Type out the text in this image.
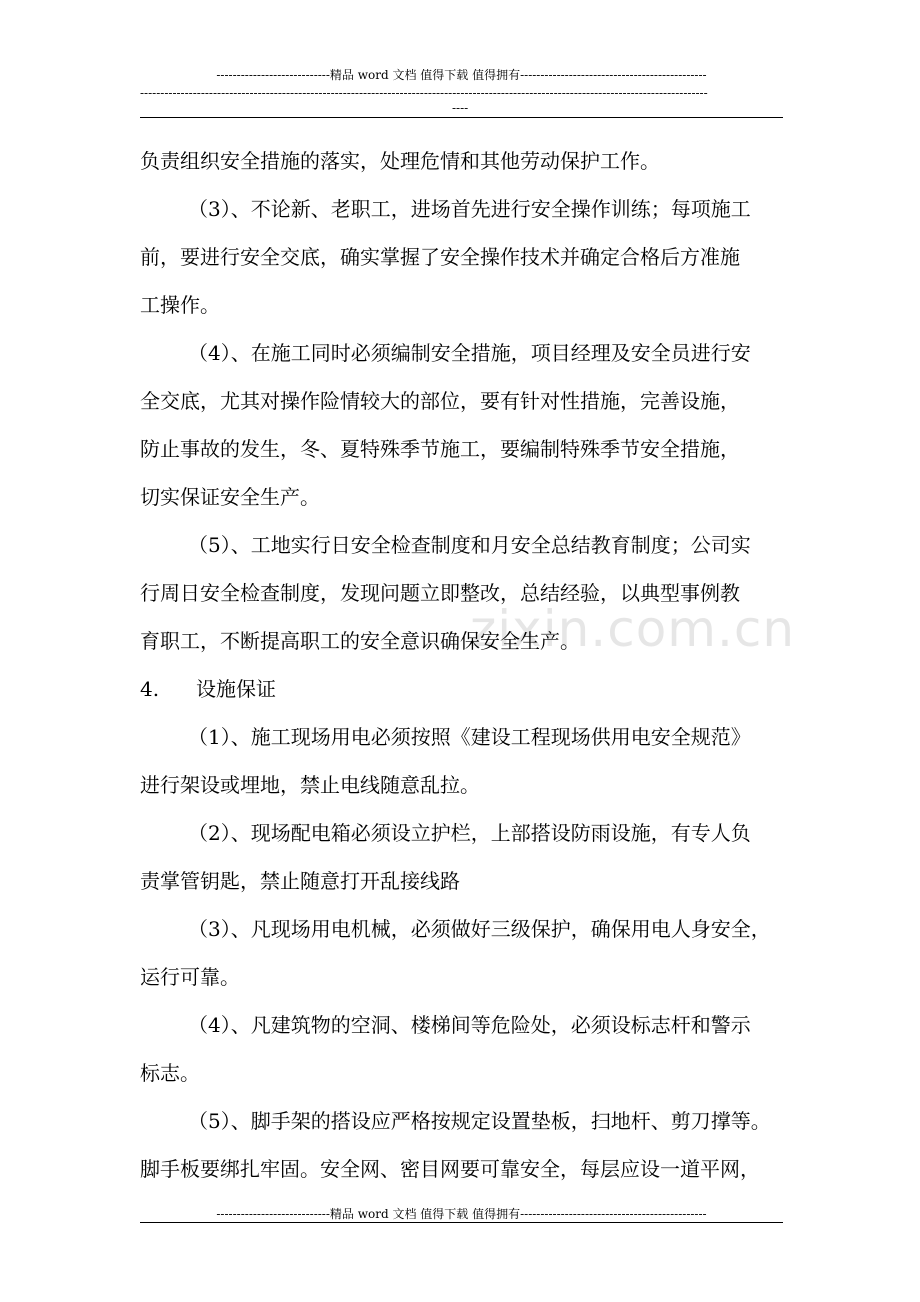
----------------------------精品 word 文档 值得下载 值得拥有----------------------------------------------
--------------------------------------------------------------------------------------------------------------------------------------------
----
zixin.com.cn
负责组织安全措施的落实，处理危情和其他劳动保护工作。
（3）、不论新、老职工，进场首先进行安全操作训练；每项施工
前，要进行安全交底，确实掌握了安全操作技术并确定合格后方准施
工操作。
（4）、在施工同时必须编制安全措施，项目经理及安全员进行安
全交底，尤其对操作险情较大的部位，要有针对性措施，完善设施，
防止事故的发生，冬、夏特殊季节施工，要编制特殊季节安全措施，
切实保证安全生产。
（5）、工地实行日安全检查制度和月安全总结教育制度；公司实
行周日安全检查制度，发现问题立即整改，总结经验，以典型事例教
育职工，不断提高职工的安全意识确保安全生产。
4. 设施保证
（1）、施工现场用电必须按照《建设工程现场供用电安全规范》
进行架设或埋地，禁止电线随意乱拉。
（2）、现场配电箱必须设立护栏，上部搭设防雨设施，有专人负
责掌管钥匙，禁止随意打开乱接线路
（3）、凡现场用电机械，必须做好三级保护，确保用电人身安全，
运行可靠。
（4）、凡建筑物的空洞、楼梯间等危险处，必须设标志杆和警示
标志。
（5）、脚手架的搭设应严格按规定设置垫板，扫地杆、剪刀撑等。
脚手板要绑扎牢固。安全网、密目网要可靠安全，每层应设一道平网，
----------------------------精品 word 文档 值得下载 值得拥有----------------------------------------------
